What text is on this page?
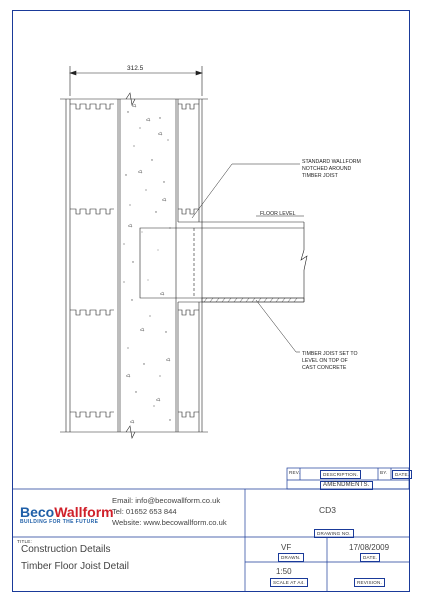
312.5
STANDARD WALLFORM
NOTCHED AROUND
TIMBER JOIST
FLOOR LEVEL
TIMBER JOIST SET TO
LEVEL ON TOP OF
CAST CONCRETE
REV.	DESCRIPTION.	BY.	DATE.
AMENDMENTS.
BecoWallform
BUILDING FOR THE FUTURE
Email: info@becowallform.co.uk
Tel: 01652 653 844
Website: www.becowallform.co.uk
CD3
DRAWING NO.
TITLE:
Construction Details
Timber Floor Joist Detail
VF
DRAWN.
17/08/2009
DATE.
1:50
SCALE AT A4.	REVISION.
